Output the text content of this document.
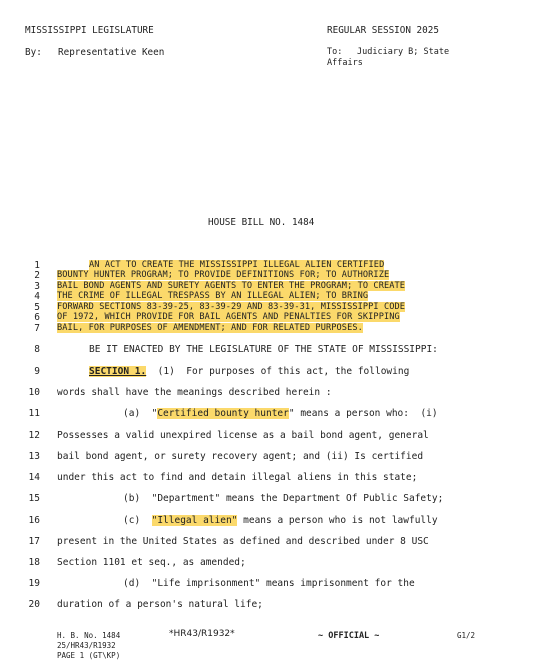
MISSISSIPPI LEGISLATURE	REGULAR SESSION 2025
By: Representative Keen	To: Judiciary B; State
Affairs
HOUSE BILL NO. 1484
1	AN ACT TO CREATE THE MISSISSIPPI ILLEGAL ALIEN CERTIFIED
2 BOUNTY HUNTER PROGRAM; TO PROVIDE DEFINITIONS FOR; TO AUTHORIZE
3 BAIL BOND AGENTS AND SURETY AGENTS TO ENTER THE PROGRAM; TO CREATE
4 THE CRIME OF ILLEGAL TRESPASS BY AN ILLEGAL ALIEN; TO BRING
5 FORWARD SECTIONS 83-39-25, 83-39-29 AND 83-39-31, MISSISSIPPI CODE
6 OF 1972, WHICH PROVIDE FOR BAIL AGENTS AND PENALTIES FOR SKIPPING
7 BAIL, FOR PURPOSES OF AMENDMENT; AND FOR RELATED PURPOSES.
8	BE IT ENACTED BY THE LEGISLATURE OF THE STATE OF MISSISSIPPI:
9	SECTION 1.  (1)  For purposes of this act, the following
10 words shall have the meanings described herein :
11	(a)  "Certified bounty hunter" means a person who:  (i)
12 Possesses a valid unexpired license as a bail bond agent, general
13 bail bond agent, or surety recovery agent; and (ii) Is certified
14 under this act to find and detain illegal aliens in this state;
15	(b)  "Department" means the Department Of Public Safety;
16	(c)  "Illegal alien" means a person who is not lawfully
17 present in the United States as defined and described under 8 USC
18 Section 1101 et seq., as amended;
19	(d)  "Life imprisonment" means imprisonment for the
20 duration of a person's natural life;
H. B. No. 1484
25/HR43/R1932
PAGE 1 (GT\KP)
*HR43/R1932*	~ OFFICIAL ~	G1/2
